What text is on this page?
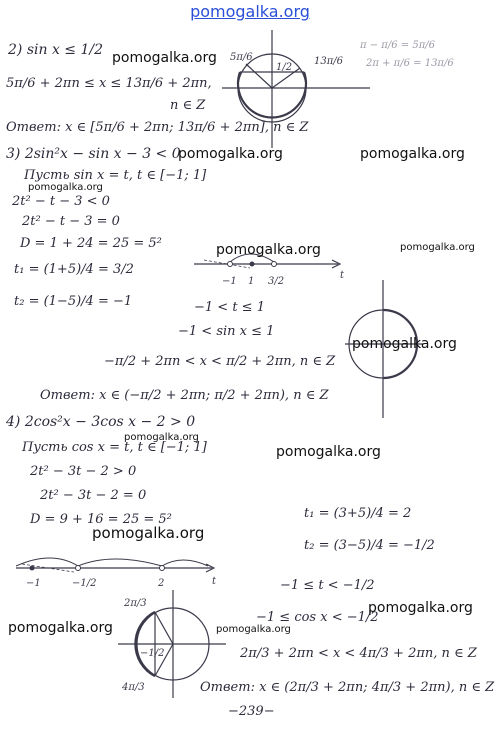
pomogalka.org
2) sin x ≤ 1/2
5π/6 + 2πn ≤ x ≤ 13π/6 + 2πn,
n ∈ Z
Ответ: x ∈ [5π/6 + 2πn; 13π/6 + 2πn], n ∈ Z
π − π/6 = 5π/6
2π + π/6 = 13π/6
5π/6	13π/6
1/2
3) 2sin²x − sin x − 3 < 0
Пусть sin x = t, t ∈ [−1; 1]
2t² − t − 3 < 0
2t² − t − 3 = 0
D = 1 + 24 = 25 = 5²
t₁ = (1+5)/4 = 3/2
t₂ = (1−5)/4 = −1
−1 1 3/2
t
−1 < t ≤ 1
−1 < sin x ≤ 1
−π/2 + 2πn < x < π/2 + 2πn, n ∈ Z
Ответ: x ∈ (−π/2 + 2πn; π/2 + 2πn), n ∈ Z
4) 2cos²x − 3cos x − 2 > 0
Пусть cos x = t, t ∈ [−1; 1]
2t² − 3t − 2 > 0
2t² − 3t − 2 = 0
D = 9 + 16 = 25 = 5²	t₁ = (3+5)/4 = 2
t₂ = (3−5)/4 = −1/2
−1	−1/2	2	t
2π/3
4π/3
−1/2
−1 ≤ t < −1/2
−1 ≤ cos x < −1/2
2π/3 + 2πn < x < 4π/3 + 2πn, n ∈ Z
Ответ: x ∈ (2π/3 + 2πn; 4π/3 + 2πn), n ∈ Z
−239−
pomogalka.org
pomogalka.org	pomogalka.org
pomogalka.org
pomogalka.org	pomogalka.org
pomogalka.org
pomogalka.org
pomogalka.org
pomogalka.org
pomogalka.org
pomogalka.org	pomogalka.org
